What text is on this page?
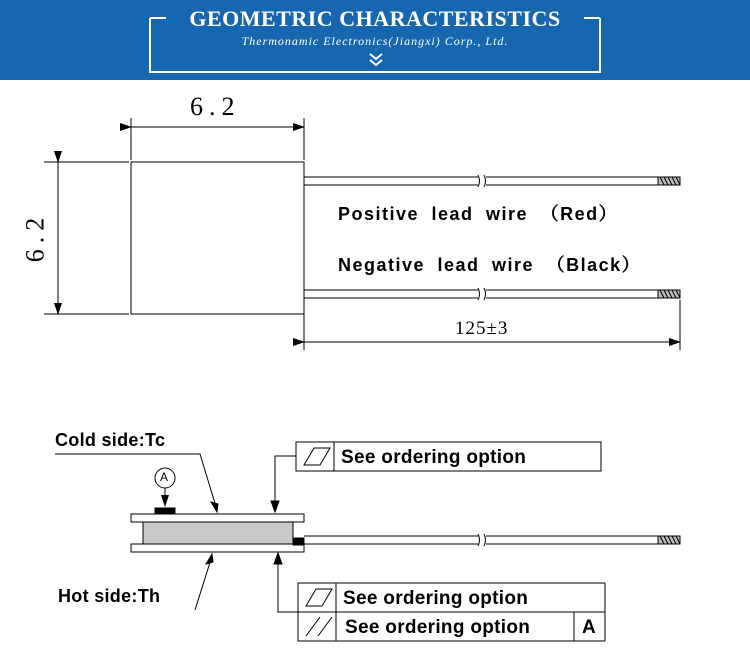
GEOMETRIC CHARACTERISTICS
Thermonamic Electronics(Jiangxi) Corp., Ltd.
6.2
6.2
125±3
Positive lead wire （Red）
Negative lead wire （Black）
Cold side:Tc
Hot side:Th
A
See ordering option
See ordering option
See ordering option	A
